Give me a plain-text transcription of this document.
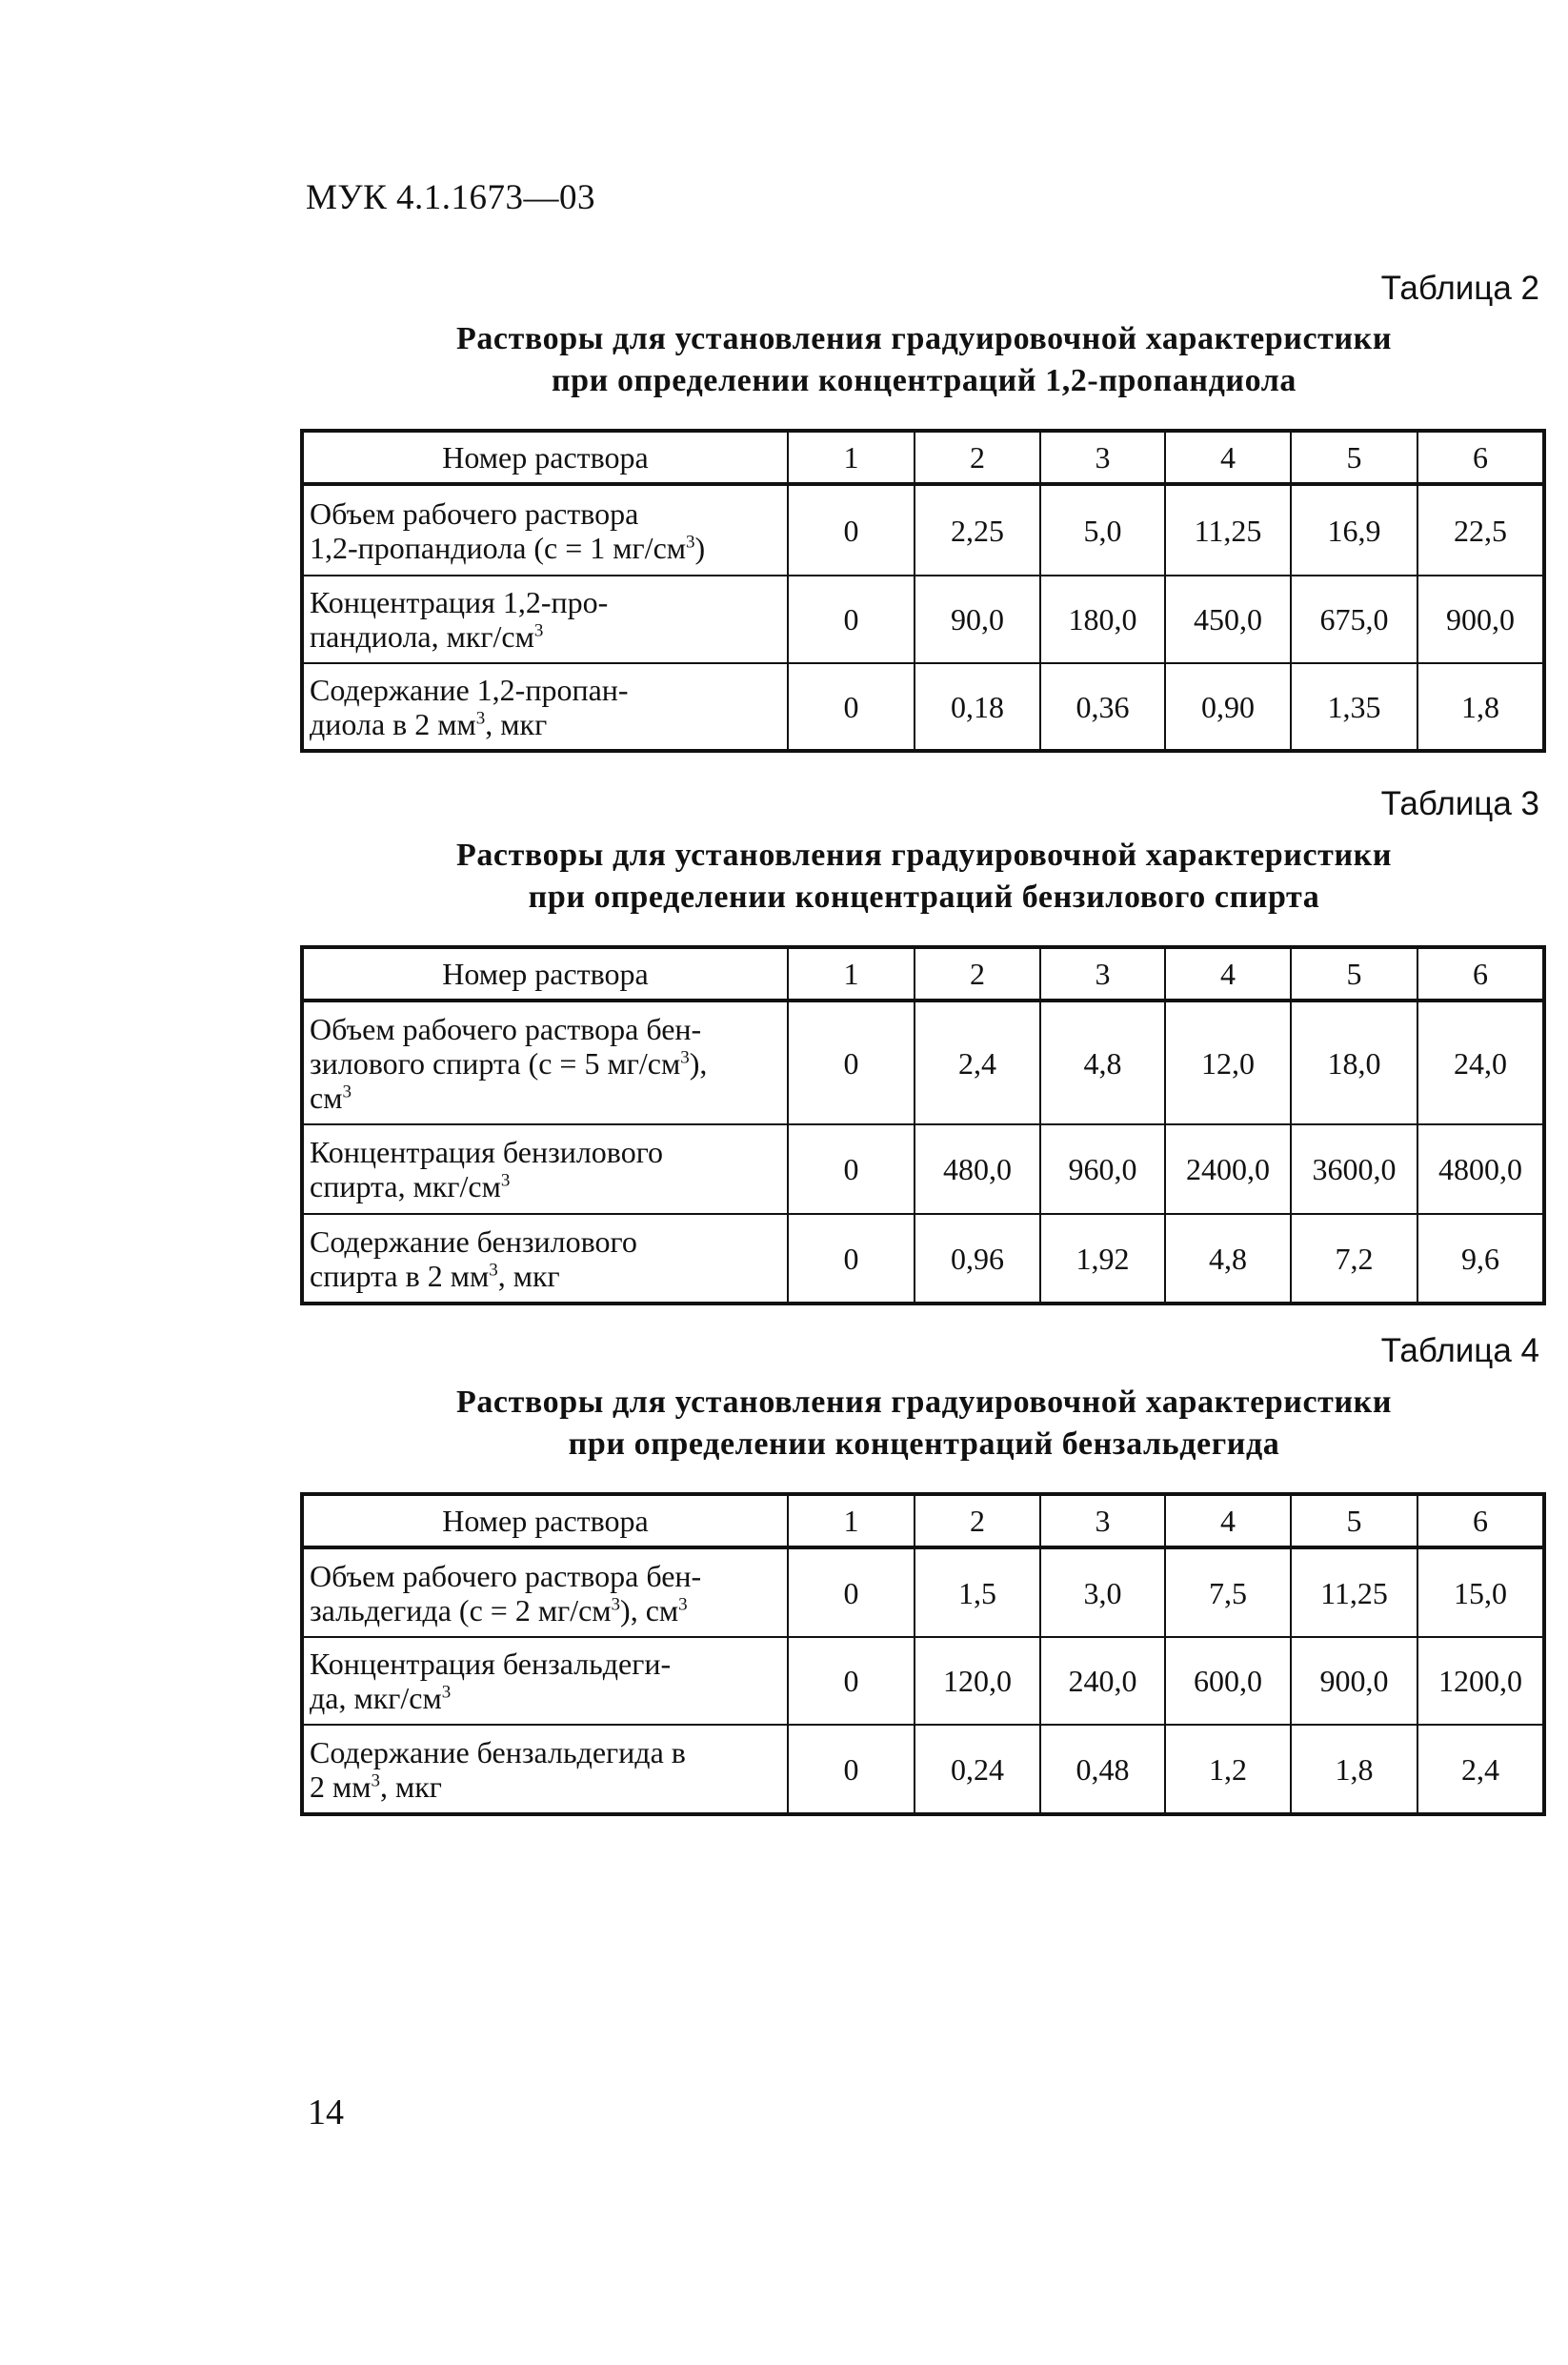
МУК 4.1.1673—03
Таблица 2
Растворы для установления градуировочной характеристики
при определении концентраций 1,2-пропандиола
Номер раствора	1	2	3	4	5	6

Объем рабочего раствора
1,2-пропандиола (с = 1 $мг/см^3$)	0	2,25	5,0	11,25	16,9	22,5

Концентрация 1,2-про-
пандиола, мкг/$см^3$	0	90,0	180,0	450,0	675,0	900,0

Содержание 1,2-пропан-
диола в 2 $мм^3$, мкг	0	0,18	0,36	0,90	1,35	1,8
Таблица 3
Растворы для установления градуировочной характеристики
при определении концентраций бензилового спирта
Номер раствора	1	2	3	4	5	6

Объем рабочего раствора бен-
зилового спирта (с = 5 $мг/см^3$),
$см^3$	0	2,4	4,8	12,0	18,0	24,0

Концентрация бензилового
спирта, мкг/$см^3$	0	480,0	960,0	2400,0	3600,0	4800,0

Содержание бензилового
спирта в 2 $мм^3$, мкг	0	0,96	1,92	4,8	7,2	9,6
Таблица 4
Растворы для установления градуировочной характеристики
при определении концентраций бензальдегида
Номер раствора	1	2	3	4	5	6

Объем рабочего раствора бен-
зальдегида (с = 2 $мг/см^3$), $см^3$	0	1,5	3,0	7,5	11,25	15,0

Концентрация бензальдеги-
да, мкг/$см^3$	0	120,0	240,0	600,0	900,0	1200,0

Содержание бензальдегида в
2 $мм^3$, мкг	0	0,24	0,48	1,2	1,8	2,4
14
